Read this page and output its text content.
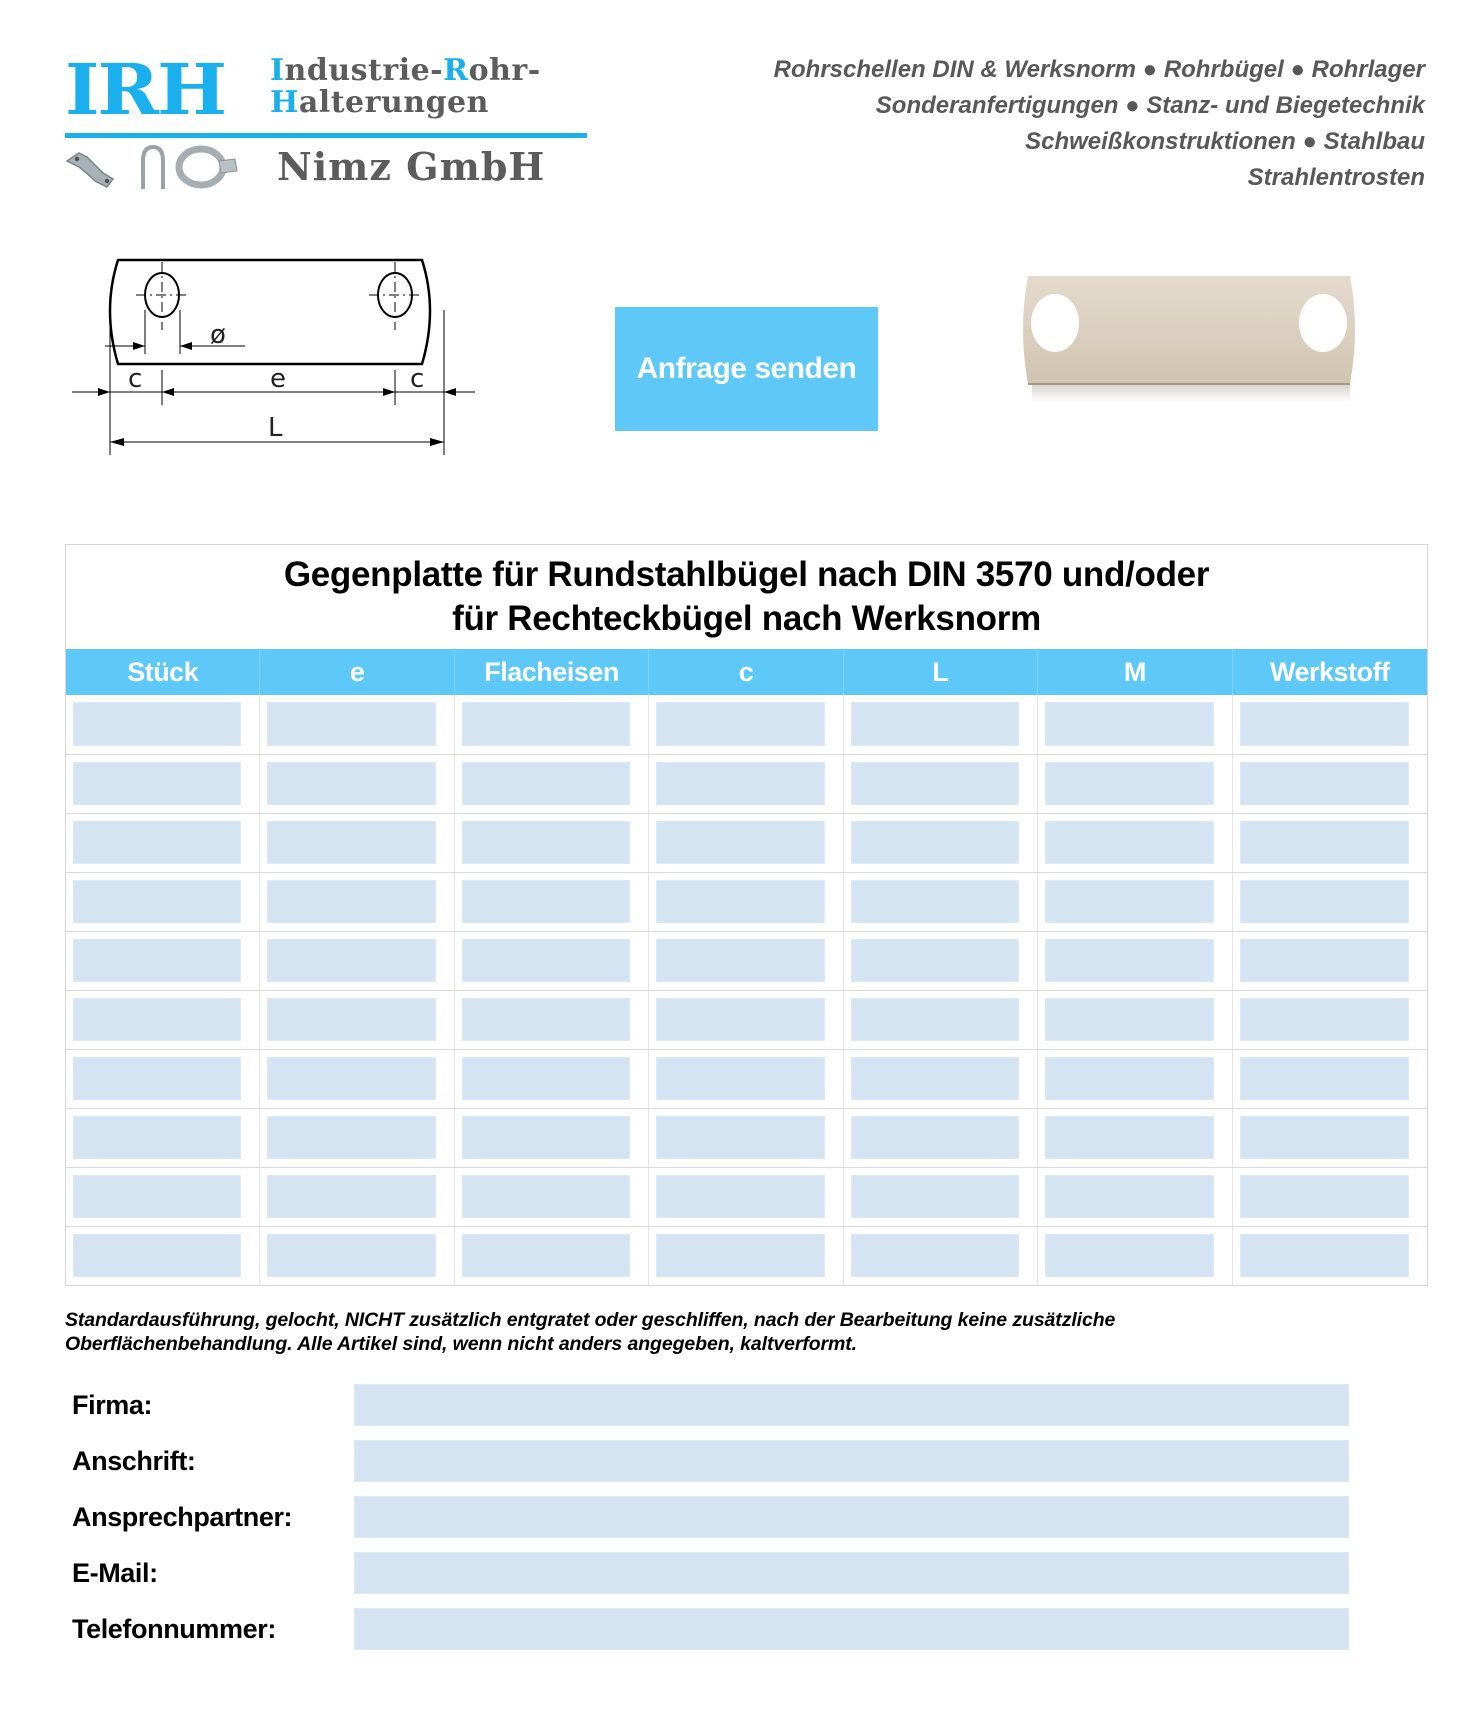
IRH Industrie-Rohr-
Halterungen
Nimz GmbH
Rohrschellen DIN & Werksnorm ● Rohrbügel ● Rohrlager
Sonderanfertigungen ● Stanz- und Biegetechnik
Schweißkonstruktionen ● Stahlbau
Strahlentrosten
ø
c	e	c
L
Anfrage senden
Gegenplatte für Rundstahlbügel nach DIN 3570 und/oder
für Rechteckbügel nach Werksnorm
Stück	e	Flacheisen	c	L	M	Werkstoff
Standardausführung, gelocht, NICHT zusätzlich entgratet oder geschliffen, nach der Bearbeitung keine zusätzliche
Oberflächenbehandlung. Alle Artikel sind, wenn nicht anders angegeben, kaltverformt.
Firma:
Anschrift:
Ansprechpartner:
E-Mail:
Telefonnummer:
